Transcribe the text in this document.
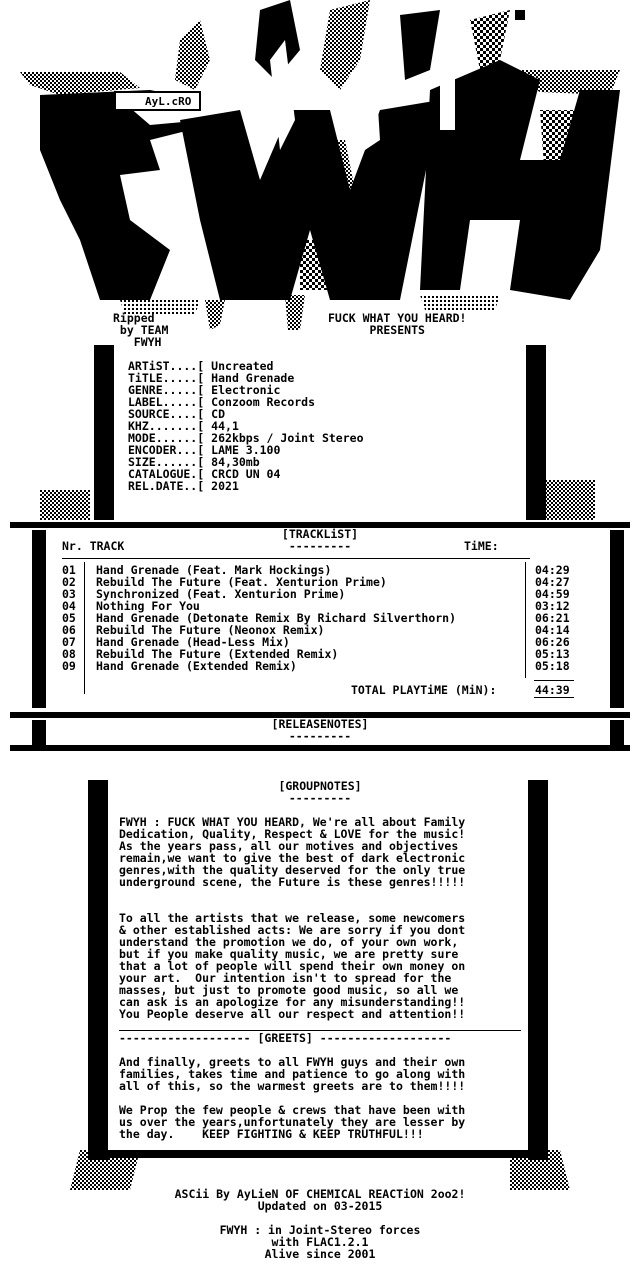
AyL.cRO
Ripped
by TEAM
FWYH
FUCK WHAT YOU HEARD!
PRESENTS
ARTiST....[ Uncreated
TiTLE.....[ Hand Grenade
GENRE.....[ Electronic
LABEL.....[ Conzoom Records
SOURCE....[ CD
KHZ.......[ 44,1
MODE......[ 262kbps / Joint Stereo
ENCODER...[ LAME 3.100
SIZE......[ 84,30mb
CATALOGUE.[ CRCD UN 04
REL.DATE..[ 2021
[TRACKLiST]
---------
Nr. TRACK	TiME:
01 Hand Grenade (Feat. Mark Hockings)	04:29
02 Rebuild The Future (Feat. Xenturion Prime)	04:27
03 Synchronized (Feat. Xenturion Prime)	04:59
04 Nothing For You	03:12
05 Hand Grenade (Detonate Remix By Richard Silverthorn)	06:21
06 Rebuild The Future (Neonox Remix)	04:14
07 Hand Grenade (Head-Less Mix)	06:26
08 Rebuild The Future (Extended Remix)	05:13
09 Hand Grenade (Extended Remix)	05:18
TOTAL PLAYTiME (MiN):	44:39
[RELEASENOTES]
---------
[GROUPNOTES]
---------
FWYH : FUCK WHAT YOU HEARD, We're all about Family
Dedication, Quality, Respect & LOVE for the music!
As the years pass, all our motives and objectives
remain,we want to give the best of dark electronic
genres,with the quality deserved for the only true
underground scene, the Future is these genres!!!!!
To all the artists that we release, some newcomers
& other established acts: We are sorry if you dont
understand the promotion we do, of your own work,
but if you make quality music, we are pretty sure
that a lot of people will spend their own money on
your art.  Our intention isn't to spread for the
masses, but just to promote good music, so all we
can ask is an apologize for any misunderstanding!!
You People deserve all our respect and attention!!
------------------- [GREETS] -------------------
And finally, greets to all FWYH guys and their own
families, takes time and patience to go along with
all of this, so the warmest greets are to them!!!!
We Prop the few people & crews that have been with
us over the years,unfortunately they are lesser by
the day.    KEEP FIGHTING & KEEP TRUTHFUL!!!
ASCii By AyLieN OF CHEMICAL REACTiON 2oo2!
Updated on 03-2015
FWYH : in Joint-Stereo forces
with FLAC1.2.1
Alive since 2001
